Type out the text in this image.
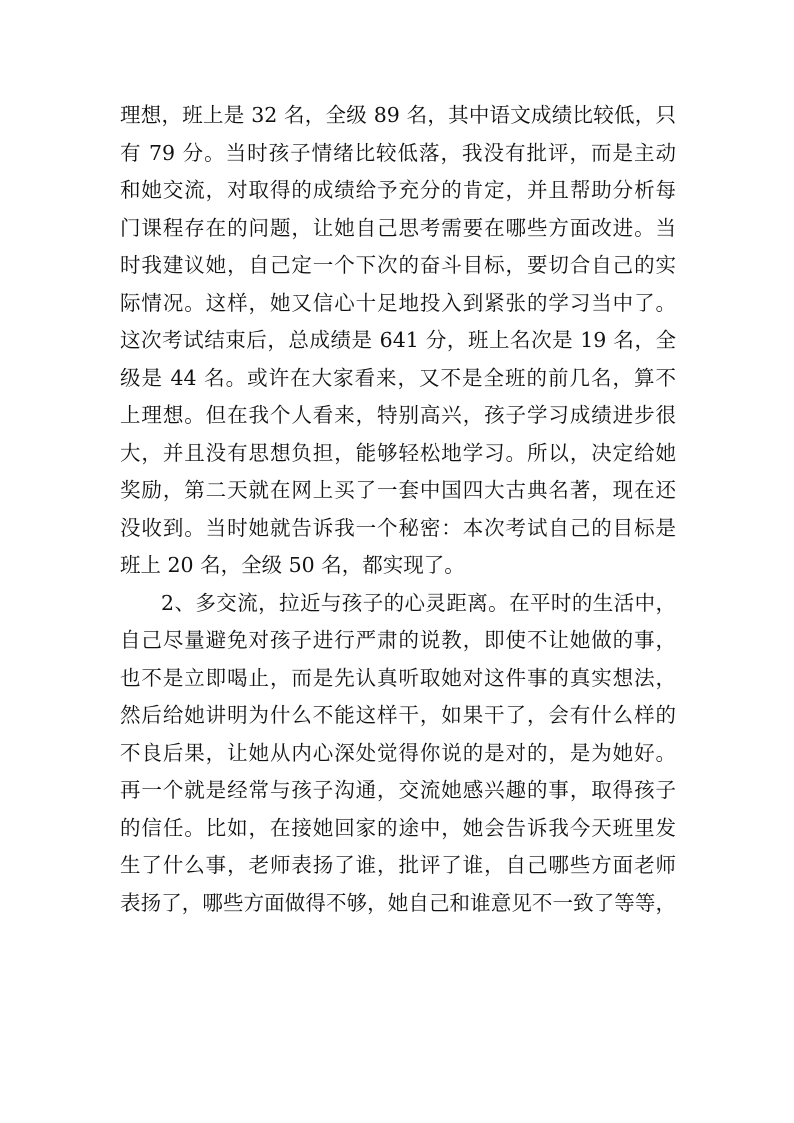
理想，班上是 32 名，全级 89 名，其中语文成绩比较低，只
有 79 分。当时孩子情绪比较低落，我没有批评，而是主动
和她交流，对取得的成绩给予充分的肯定，并且帮助分析每
门课程存在的问题，让她自己思考需要在哪些方面改进。当
时我建议她，自己定一个下次的奋斗目标，要切合自己的实
际情况。这样，她又信心十足地投入到紧张的学习当中了。
这次考试结束后，总成绩是 641 分，班上名次是 19 名，全
级是 44 名。或许在大家看来，又不是全班的前几名，算不
上理想。但在我个人看来，特别高兴，孩子学习成绩进步很
大，并且没有思想负担，能够轻松地学习。所以，决定给她
奖励，第二天就在网上买了一套中国四大古典名著，现在还
没收到。当时她就告诉我一个秘密：本次考试自己的目标是
班上 20 名，全级 50 名，都实现了。
2、多交流，拉近与孩子的心灵距离。在平时的生活中，
自己尽量避免对孩子进行严肃的说教，即使不让她做的事，
也不是立即喝止，而是先认真听取她对这件事的真实想法，
然后给她讲明为什么不能这样干，如果干了，会有什么样的
不良后果，让她从内心深处觉得你说的是对的，是为她好。
再一个就是经常与孩子沟通，交流她感兴趣的事，取得孩子
的信任。比如，在接她回家的途中，她会告诉我今天班里发
生了什么事，老师表扬了谁，批评了谁，自己哪些方面老师
表扬了，哪些方面做得不够，她自己和谁意见不一致了等等，
